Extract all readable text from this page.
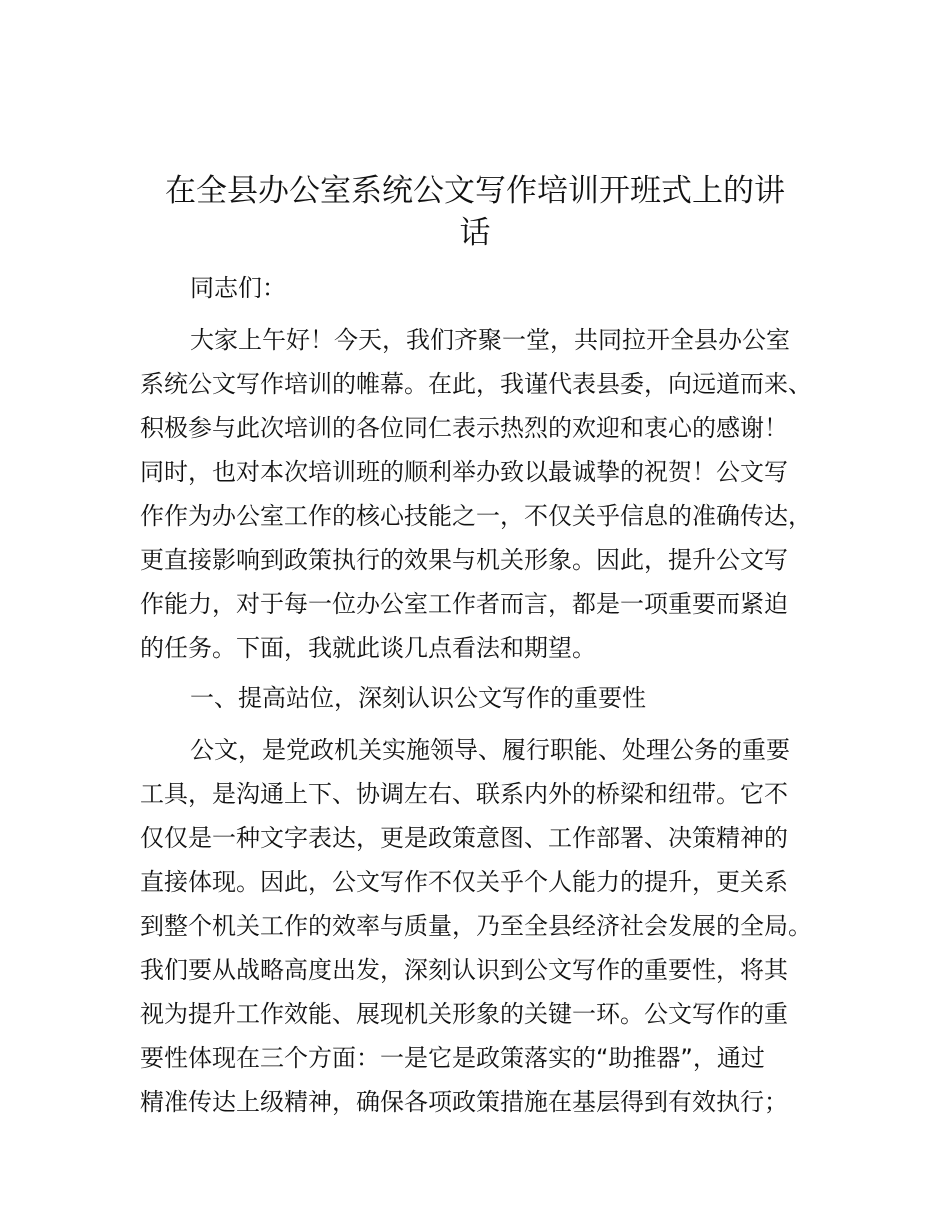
在全县办公室系统公文写作培训开班式上的讲
话
同志们：
大家上午好！今天，我们齐聚一堂，共同拉开全县办公室
系统公文写作培训的帷幕。在此，我谨代表县委，向远道而来、
积极参与此次培训的各位同仁表示热烈的欢迎和衷心的感谢！
同时，也对本次培训班的顺利举办致以最诚挚的祝贺！公文写
作作为办公室工作的核心技能之一，不仅关乎信息的准确传达，
更直接影响到政策执行的效果与机关形象。因此，提升公文写
作能力，对于每一位办公室工作者而言，都是一项重要而紧迫
的任务。下面，我就此谈几点看法和期望。
一、提高站位，深刻认识公文写作的重要性
公文，是党政机关实施领导、履行职能、处理公务的重要
工具，是沟通上下、协调左右、联系内外的桥梁和纽带。它不
仅仅是一种文字表达，更是政策意图、工作部署、决策精神的
直接体现。因此，公文写作不仅关乎个人能力的提升，更关系
到整个机关工作的效率与质量，乃至全县经济社会发展的全局。
我们要从战略高度出发，深刻认识到公文写作的重要性，将其
视为提升工作效能、展现机关形象的关键一环。公文写作的重
要性体现在三个方面：一是它是政策落实的“助推器”，通过
精准传达上级精神，确保各项政策措施在基层得到有效执行；
